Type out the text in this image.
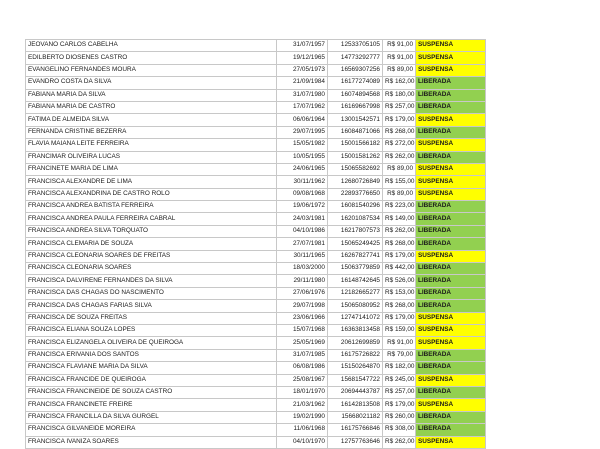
JEOVANO CARLOS CABELHA	31/07/1957	12533705105	R$ 91,00	SUSPENSA
EDILBERTO DIOSENES CASTRO	19/12/1965	14773292777	R$ 91,00	SUSPENSA
EVANGELINO FERNANDES MOURA	27/05/1973	16569307256	R$ 89,00	SUSPENSA
EVANDRO COSTA DA SILVA	21/09/1984	16177274089	R$ 162,00	LIBERADA
FABIANA MARIA DA SILVA	31/07/1980	16074894568	R$ 180,00	LIBERADA
FABIANA MARIA DE CASTRO	17/07/1962	16169667998	R$ 257,00	LIBERADA
FATIMA DE ALMEIDA SILVA	06/06/1964	13001542571	R$ 179,00	SUSPENSA
FERNANDA CRISTINE BEZERRA	29/07/1995	16084871066	R$ 268,00	LIBERADA
FLAVIA MAIANA LEITE FERREIRA	15/05/1982	15001566182	R$ 272,00	SUSPENSA
FRANCIMAR OLIVEIRA LUCAS	10/05/1955	15001581262	R$ 262,00	LIBERADA
FRANCINETE MARIA DE LIMA	24/06/1965	15065582692	R$ 89,00	SUSPENSA
FRANCISCA ALEXANDRE DE LIMA	30/11/1962	12680726849	R$ 155,00	SUSPENSA
FRANCISCA ALEXANDRINA DE CASTRO ROLO	09/08/1968	22893776650	R$ 89,00	SUSPENSA
FRANCISCA ANDREA BATISTA FERREIRA	19/06/1972	16081540296	R$ 223,00	LIBERADA
FRANCISCA ANDREA PAULA FERREIRA CABRAL	24/03/1981	16201087534	R$ 149,00	LIBERADA
FRANCISCA ANDREA SILVA TORQUATO	04/10/1986	16217807573	R$ 262,00	LIBERADA
FRANCISCA CLEMARIA DE SOUZA	27/07/1981	15065249425	R$ 268,00	LIBERADA
FRANCISCA CLEONARIA SOARES DE FREITAS	30/11/1965	16267827741	R$ 179,00	SUSPENSA
FRANCISCA CLEONARIA SOARES	18/03/2000	15063779859	R$ 442,00	LIBERADA
FRANCISCA DALVIRENE FERNANDES DA SILVA	29/11/1980	16148742645	R$ 526,00	LIBERADA
FRANCISCA DAS CHAGAS DO NASCIMENTO	27/06/1976	12182665277	R$ 153,00	LIBERADA
FRANCISCA DAS CHAGAS FARIAS SILVA	29/07/1998	15065080952	R$ 268,00	LIBERADA
FRANCISCA DE SOUZA FREITAS	23/06/1966	12747141072	R$ 179,00	SUSPENSA
FRANCISCA ELIANA SOUZA LOPES	15/07/1968	16363813458	R$ 159,00	SUSPENSA
FRANCISCA ELIZANGELA OLIVEIRA DE QUEIROGA	25/05/1969	20612699859	R$ 91,00	SUSPENSA
FRANCISCA ERIVANIA DOS SANTOS	31/07/1985	16175726822	R$ 79,00	LIBERADA
FRANCISCA FLAVIANE MARIA DA SILVA	06/08/1986	15150264870	R$ 182,00	LIBERADA
FRANCISCA FRANCIDE DE QUEIROGA	25/08/1967	15681547722	R$ 245,00	SUSPENSA
FRANCISCA FRANCINEIDE DE SOUZA CASTRO	18/01/1970	20694443787	R$ 257,00	LIBERADA
FRANCISCA FRANCINETE FREIRE	21/03/1962	16142813508	R$ 179,00	SUSPENSA
FRANCISCA FRANCILLA DA SILVA GURGEL	19/02/1990	15668021182	R$ 260,00	LIBERADA
FRANCISCA GILVANEIDE MOREIRA	11/06/1968	16175766846	R$ 308,00	LIBERADA
FRANCISCA IVANIZA SOARES	04/10/1970	12757763646	R$ 262,00	SUSPENSA
